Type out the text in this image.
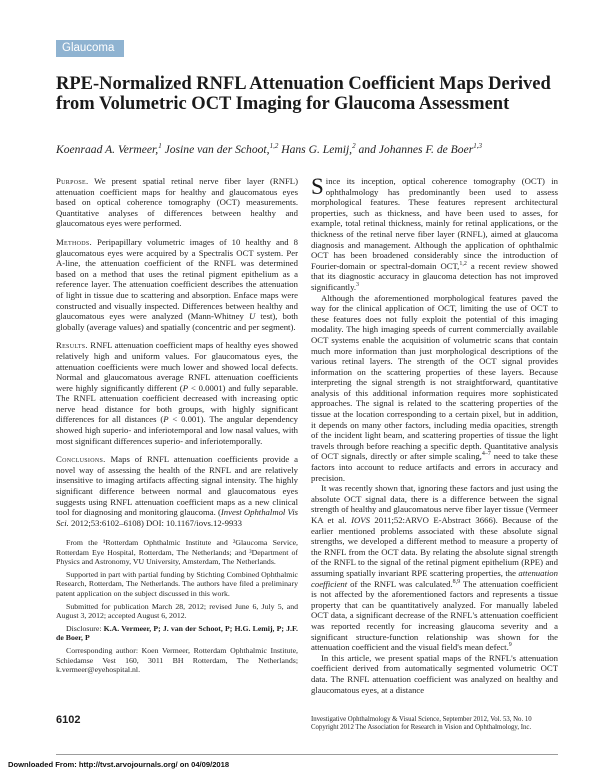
Glaucoma
RPE-Normalized RNFL Attenuation Coefficient Maps Derived from Volumetric OCT Imaging for Glaucoma Assessment
Koenraad A. Vermeer,$^1$ Josine van der Schoot,$^{1,2}$ Hans G. Lemij,$^2$ and Johannes F. de Boer$^{1,3}$

Purpose. We present spatial retinal nerve fiber layer (RNFL) attenuation coefficient maps for healthy and glaucomatous eyes based on optical coherence tomography (OCT) measurements. Quantitative analyses of differences between healthy and glaucomatous eyes were performed.

Methods. Peripapillary volumetric images of 10 healthy and 8 glaucomatous eyes were acquired by a Spectralis OCT system. Per A-line, the attenuation coefficient of the RNFL was determined based on a method that uses the retinal pigment epithelium as a reference layer. The attenuation coefficient describes the attenuation of light in tissue due to scattering and absorption. Enface maps were constructed and visually inspected. Differences between healthy and glaucomatous eyes were analyzed (Mann-Whitney U test), both globally (average values) and spatially (concentric and per segment).

Results. RNFL attenuation coefficient maps of healthy eyes showed relatively high and uniform values. For glaucomatous eyes, the attenuation coefficients were much lower and showed local defects. Normal and glaucomatous average RNFL attenuation coefficients were highly significantly different (P < 0.0001) and fully separable. The RNFL attenuation coefficient decreased with increasing optic nerve head distance for both groups, with highly significant differences for all distances (P < 0.001). The angular dependency showed high superio- and inferiotemporal and low nasal values, with most significant differences superio- and inferiotemporally.

Conclusions. Maps of RNFL attenuation coefficients provide a novel way of assessing the health of the RNFL and are relatively insensitive to imaging artifacts affecting signal intensity. The highly significant difference between normal and glaucomatous eyes suggests using RNFL attenuation coefficient maps as a new clinical tool for diagnosing and monitoring glaucoma. (Invest Ophthalmol Vis Sci. 2012;53:6102–6108) DOI: 10.1167/iovs.12-9933

From the ¹Rotterdam Ophthalmic Institute and ²Glaucoma Service, Rotterdam Eye Hospital, Rotterdam, The Netherlands; and ³Department of Physics and Astronomy, VU University, Amsterdam, The Netherlands.

Supported in part with partial funding by Stichting Combined Ophthalmic Research, Rotterdam, The Netherlands. The authors have filed a preliminary patent application on the subject discussed in this work.

Submitted for publication March 28, 2012; revised June 6, July 5, and August 3, 2012; accepted August 6, 2012.

Disclosure: K.A. Vermeer, P; J. van der Schoot, P; H.G. Lemij, P; J.F. de Boer, P

Corresponding author: Koen Vermeer, Rotterdam Ophthalmic Institute, Schiedamse Vest 160, 3011 BH Rotterdam, The Netherlands; k.vermeer@eyehospital.nl.

Since its inception, optical coherence tomography (OCT) in ophthalmology has predominantly been used to assess morphological features. These features represent architectural properties, such as thickness, and have been used to asses, for example, total retinal thickness, mainly for retinal applications, or the thickness of the retinal nerve fiber layer (RNFL), aimed at glaucoma diagnosis and management. Although the application of ophthalmic OCT has been broadened considerably since the introduction of Fourier-domain or spectral-domain OCT,$^{1,2}$ a recent review showed that its diagnostic accuracy in glaucoma detection has not improved significantly.$^3$

Although the aforementioned morphological features paved the way for the clinical application of OCT, limiting the use of OCT to these features does not fully exploit the potential of this imaging modality. The high imaging speeds of current commercially available OCT systems enable the acquisition of volumetric scans that contain much more information than just morphological descriptions of the various retinal layers. The strength of the OCT signal provides information on the scattering properties of these layers. Because interpreting the signal strength is not straightforward, quantitative analysis of this additional information requires more sophisticated approaches. The signal is related to the scattering properties of the tissue at the location corresponding to a certain pixel, but in addition, it depends on many other factors, including media opacities, strength of the incident light beam, and scattering properties of tissue the light travels through before reaching a specific depth. Quantitative analysis of OCT signals, directly or after simple scaling,$^{4-7}$ need to take these factors into account to reduce artifacts and errors in accuracy and precision.

It was recently shown that, ignoring these factors and just using the absolute OCT signal data, there is a difference between the signal strength of healthy and glaucomatous nerve fiber layer tissue (Vermeer KA et al. IOVS 2011;52:ARVO E-Abstract 3666). Because of the earlier mentioned problems associated with these absolute signal strengths, we developed a different method to measure a property of the RNFL from the OCT data. By relating the absolute signal strength of the RNFL to the signal of the retinal pigment epithelium (RPE) and assuming spatially invariant RPE scattering properties, the attenuation coefficient of the RNFL was calculated.$^{8,9}$ The attenuation coefficient is not affected by the aforementioned factors and represents a tissue property that can be quantitatively analyzed. For manually labeled OCT data, a significant decrease of the RNFL's attenuation coefficient was reported recently for increasing glaucoma severity and a significant structure-function relationship was shown for the attenuation coefficient and the visual field's mean defect.$^9$

In this article, we present spatial maps of the RNFL's attenuation coefficient derived from automatically segmented volumetric OCT data. The RNFL attenuation coefficient was analyzed on healthy and glaucomatous eyes, at a distance

6102	Investigative Ophthalmology & Visual Science, September 2012, Vol. 53, No. 10
Copyright 2012 The Association for Research in Vision and Ophthalmology, Inc.
Downloaded From: http://tvst.arvojournals.org/ on 04/09/2018
